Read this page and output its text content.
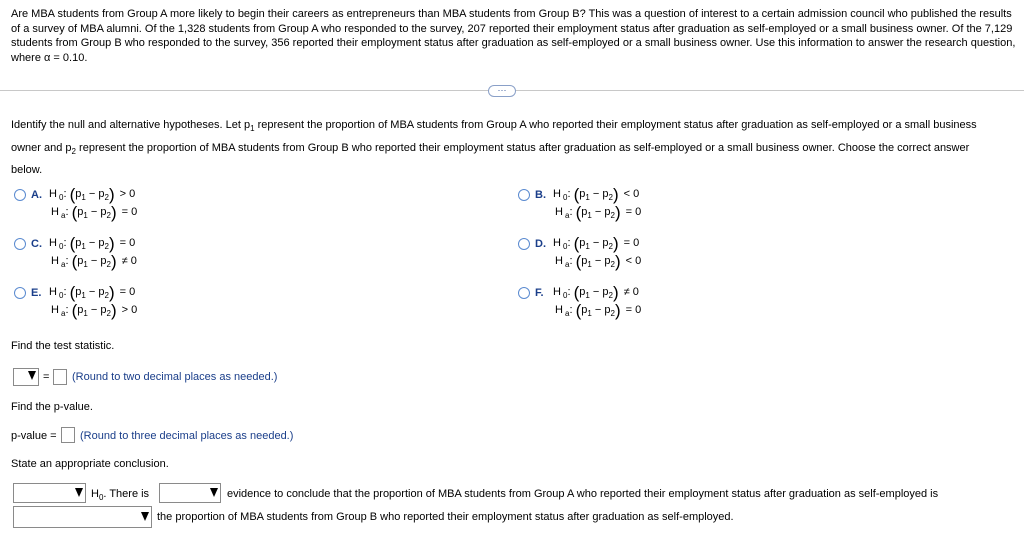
Are MBA students from Group A more likely to begin their careers as entrepreneurs than MBA students from Group B? This was a question of interest to a certain admission council who published the results of a survey of MBA alumni. Of the 1,328 students from Group A who responded to the survey, 207 reported their employment status after graduation as self-employed or a small business owner. Of the 7,129 students from Group B who responded to the survey, 356 reported their employment status after graduation as self-employed or a small business owner. Use this information to answer the research question, where α = 0.10.
···
Identify the null and alternative hypotheses. Let $p_1$ represent the proportion of MBA students from Group A who reported their employment status after graduation as self-employed or a small business owner and $p_2$ represent the proportion of MBA students from Group B who reported their employment status after graduation as self-employed or a small business owner. Choose the correct answer below.
A. H $_0$: $(p_1 - p_2) > 0$
H $_a$: $(p_1 - p_2) = 0$
B. H $_0$: $(p_1 - p_2) < 0$
H $_a$: $(p_1 - p_2) = 0$
C. H $_0$: $(p_1 - p_2) = 0$
H $_a$: $(p_1 - p_2) \ne 0$
D. H $_0$: $(p_1 - p_2) = 0$
H $_a$: $(p_1 - p_2) < 0$
E. H $_0$: $(p_1 - p_2) = 0$
H $_a$: $(p_1 - p_2) > 0$
F. H $_0$: $(p_1 - p_2) \ne 0$
H $_a$: $(p_1 - p_2) = 0$
Find the test statistic.
= (Round to two decimal places as needed.)
Find the p-value.
p-value = (Round to three decimal places as needed.)
State an appropriate conclusion.
$H_0$. There is	evidence to conclude that the proportion of MBA students from Group A who reported their employment status after graduation as self-employed is
the proportion of MBA students from Group B who reported their employment status after graduation as self-employed.
